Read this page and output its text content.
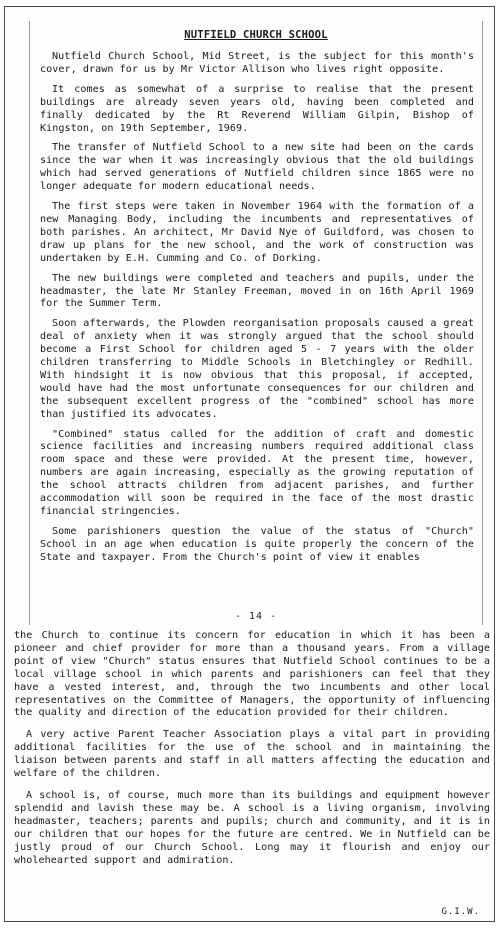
NUTFIELD CHURCH SCHOOL

Nutfield Church School, Mid Street, is the subject for this month's cover, drawn for us by Mr Victor Allison who lives right opposite.

It comes as somewhat of a surprise to realise that the present buildings are already seven years old, having been completed and finally dedicated by the Rt Reverend William Gilpin, Bishop of Kingston, on 19th September, 1969.

The transfer of Nutfield School to a new site had been on the cards since the war when it was increasingly obvious that the old buildings which had served generations of Nutfield children since 1865 were no longer adequate for modern educational needs.

The first steps were taken in November 1964 with the formation of a new Managing Body, including the incumbents and representatives of both parishes. An architect, Mr David Nye of Guildford, was chosen to draw up plans for the new school, and the work of construction was undertaken by E.H. Cumming and Co. of Dorking.

The new buildings were completed and teachers and pupils, under the headmaster, the late Mr Stanley Freeman, moved in on 16th April 1969 for the Summer Term.

Soon afterwards, the Plowden reorganisation proposals caused a great deal of anxiety when it was strongly argued that the school should become a First School for children aged 5 - 7 years with the older children transferring to Middle Schools in Bletchingley or Redhill. With hindsight it is now obvious that this proposal, if accepted, would have had the most unfortunate consequences for our children and the subsequent excellent progress of the "combined" school has more than justified its advocates.

"Combined" status called for the addition of craft and domestic science facilities and increasing numbers required additional class room space and these were provided. At the present time, however, numbers are again increasing, especially as the growing reputation of the school attracts children from adjacent parishes, and further accommodation will soon be required in the face of the most drastic financial stringencies.

Some parishioners question the value of the status of "Church" School in an age when education is quite properly the concern of the State and taxpayer. From the Church's point of view it enables

- 14 -

the Church to continue its concern for education in which it has been a pioneer and chief provider for more than a thousand years. From a village point of view "Church" status ensures that Nutfield School continues to be a local village school in which parents and parishioners can feel that they have a vested interest, and, through the two incumbents and other local representatives on the Committee of Managers, the opportunity of influencing the quality and direction of the education provided for their children.

A very active Parent Teacher Association plays a vital part in providing additional facilities for the use of the school and in maintaining the liaison between parents and staff in all matters affecting the education and welfare of the children.

A school is, of course, much more than its buildings and equipment however splendid and lavish these may be. A school is a living organism, involving headmaster, teachers; parents and pupils; church and community, and it is in our children that our hopes for the future are centred. We in Nutfield can be justly proud of our Church School. Long may it flourish and enjoy our wholehearted support and admiration.

G.I.W.
